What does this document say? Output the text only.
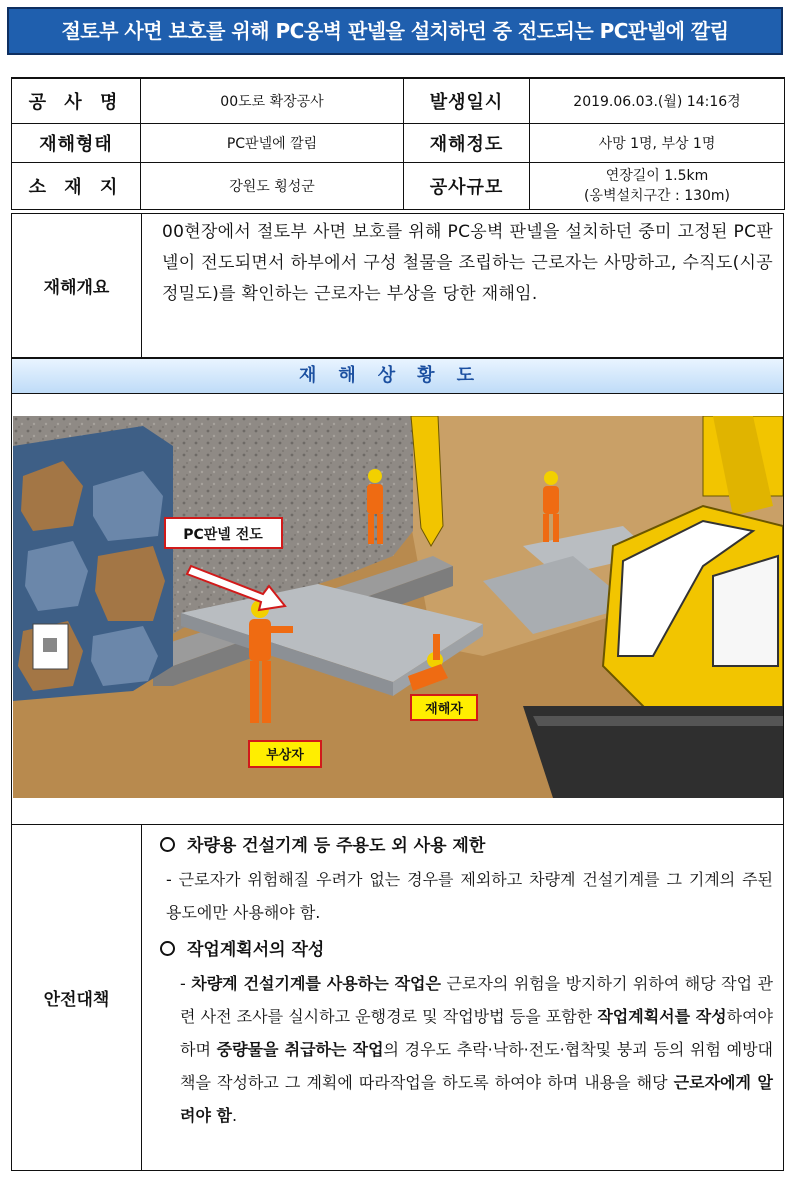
절토부 사면 보호를 위해 PC옹벽 판넬을 설치하던 중 전도되는 PC판넬에 깔림
공 사 명	00도로 확장공사	발생일시	2019.06.03.(월) 14:16경
재해형태	PC판넬에 깔림	재해정도	사망 1명, 부상 1명
소 재 지	강원도 횡성군	공사규모	연장길이 1.5km
(옹벽설치구간 : 130m)
재해개요
00현장에서 절토부 사면 보호를 위해 PC옹벽 판넬을 설치하던 중미 고정된 PC판넬이 전도되면서 하부에서 구성 철물을 조립하는 근로자는 사망하고, 수직도(시공정밀도)를 확인하는 근로자는 부상을 당한 재해임.
재해상황도
PC판넬 전도
재해자
부상자
안전대책
차량용 건설기계 등 주용도 외 사용 제한
- 근로자가 위험해질 우려가 없는 경우를 제외하고 차량계 건설기계를 그 기계의 주된 용도에만 사용해야 함.
작업계획서의 작성
- 차량계 건설기계를 사용하는 작업은 근로자의 위험을 방지하기 위하여 해당 작업 관련 사전 조사를 실시하고 운행경로 및 작업방법 등을 포함한 작업계획서를 작성하여야하며 중량물을 취급하는 작업의 경우도 추락·낙하·전도·협착및 붕괴 등의 위험 예방대책을 작성하고 그 계획에 따라작업을 하도록 하여야 하며 내용을 해당 근로자에게 알려야 함.
